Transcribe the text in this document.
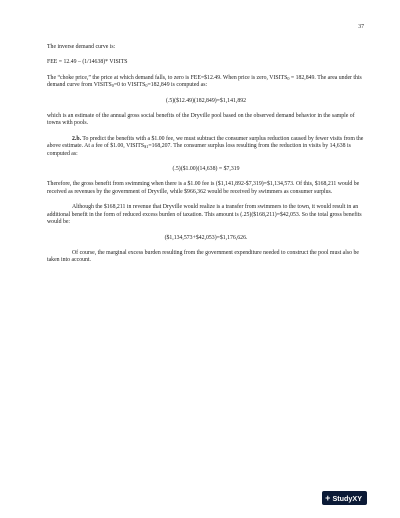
37

The inverse demand curve is:

FEE = 12.49 – (1/14638)* VISITS

The “choke price,” the price at which demand falls, to zero is FEE=$12.49. When price is zero, $VISITS_0 = 182,849$. The area under this demand curve from $VISITS_0=0$ to $VISITS_0=182,849$ is computed as:

(.5)($12.49)(182,849)=$1,141,892

which is an estimate of the annual gross social benefits of the Dryville pool based on the observed demand behavior in the sample of towns with pools.

2.b. To predict the benefits with a $1.00 fee, we must subtract the consumer surplus reduction caused by fewer visits from the above estimate. At a fee of $1.00, $VISITS_{\$1}=168,207$. The consumer surplus loss resulting from the reduction in visits by 14,638 is computed as:

(.5)($1.00)(14,638) = $7,319

Therefore, the gross benefit from swimming when there is a $1.00 fee is ($1,141,892-$7,319)=$1,134,573. Of this, $168,211 would be received as revenues by the government of Dryville, while $966,362 would be received by swimmers as consumer surplus.

Although the $168,211 in revenue that Dryville would realize is a transfer from swimmers to the town, it would result in an additional benefit in the form of reduced excess burden of taxation. This amount is (.25)($168,211)=$42,053. So the total gross benefits would be:

($1,134,573+$42,053)=$1,176,626.

Of course, the marginal excess burden resulting from the government expenditure needed to construct the pool must also be taken into account.

+ StudyXY
